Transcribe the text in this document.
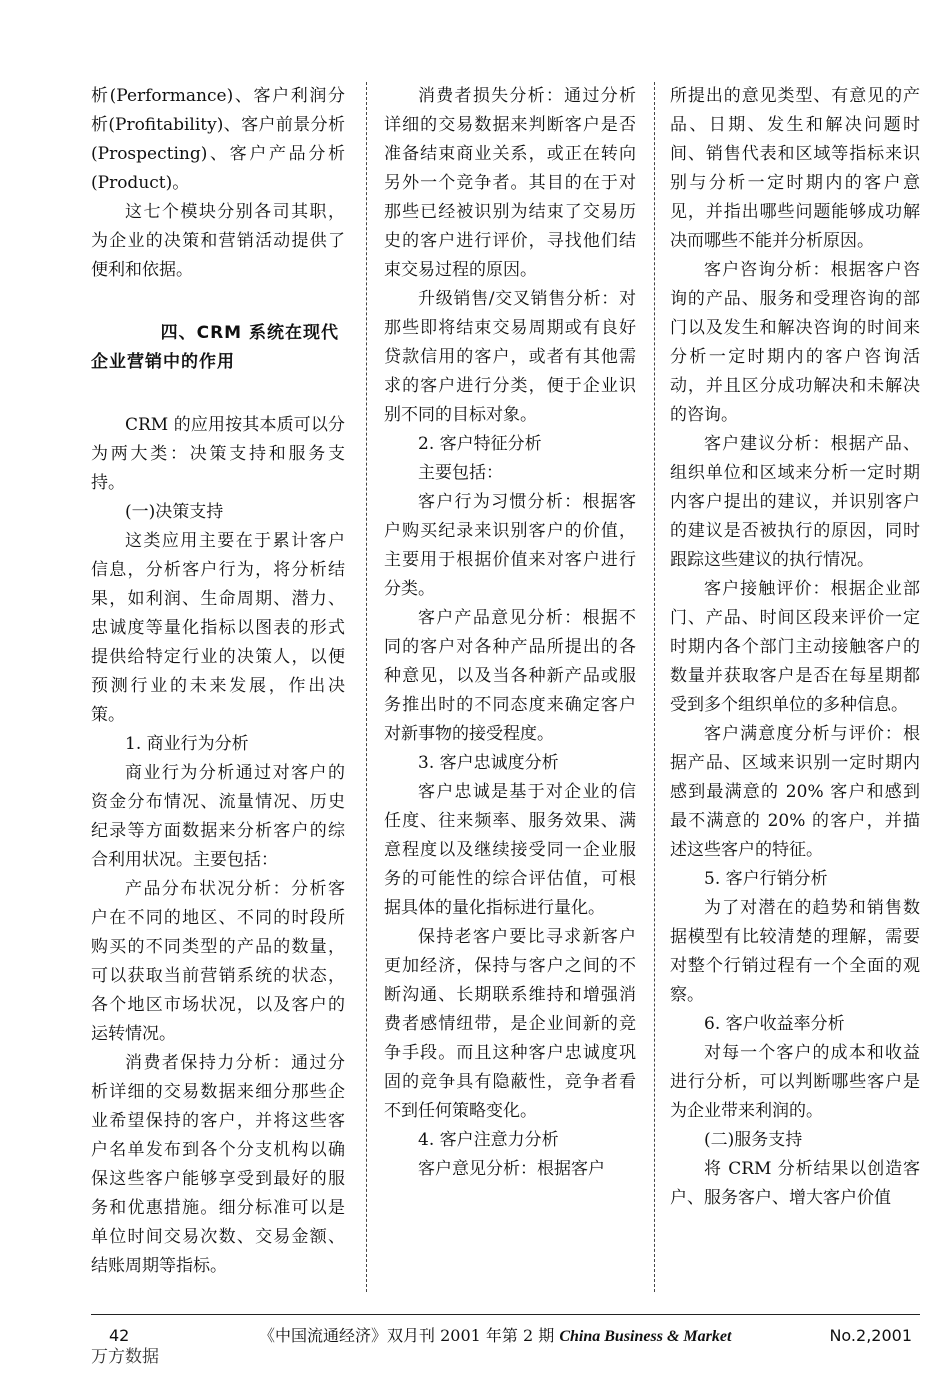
析(Performance)、客户利润分析(Profitability)、客户前景分析(Prospecting)、客户产品分析(Product)。

这七个模块分别各司其职，为企业的决策和营销活动提供了便利和依据。

四、CRM 系统在现代
企业营销中的作用

CRM 的应用按其本质可以分为两大类：决策支持和服务支持。

(一)决策支持

这类应用主要在于累计客户信息，分析客户行为，将分析结果，如利润、生命周期、潜力、忠诚度等量化指标以图表的形式提供给特定行业的决策人，以便预测行业的未来发展，作出决策。

1. 商业行为分析

商业行为分析通过对客户的资金分布情况、流量情况、历史纪录等方面数据来分析客户的综合利用状况。主要包括：

产品分布状况分析：分析客户在不同的地区、不同的时段所购买的不同类型的产品的数量，可以获取当前营销系统的状态，各个地区市场状况，以及客户的运转情况。

消费者保持力分析：通过分析详细的交易数据来细分那些企业希望保持的客户，并将这些客户名单发布到各个分支机构以确保这些客户能够享受到最好的服务和优惠措施。细分标准可以是单位时间交易次数、交易金额、结账周期等指标。

消费者损失分析：通过分析详细的交易数据来判断客户是否准备结束商业关系，或正在转向另外一个竞争者。其目的在于对那些已经被识别为结束了交易历史的客户进行评价，寻找他们结束交易过程的原因。

升级销售/交叉销售分析：对那些即将结束交易周期或有良好贷款信用的客户，或者有其他需求的客户进行分类，便于企业识别不同的目标对象。

2. 客户特征分析

主要包括：

客户行为习惯分析：根据客户购买纪录来识别客户的价值，主要用于根据价值来对客户进行分类。

客户产品意见分析：根据不同的客户对各种产品所提出的各种意见，以及当各种新产品或服务推出时的不同态度来确定客户对新事物的接受程度。

3. 客户忠诚度分析

客户忠诚是基于对企业的信任度、往来频率、服务效果、满意程度以及继续接受同一企业服务的可能性的综合评估值，可根据具体的量化指标进行量化。

保持老客户要比寻求新客户更加经济，保持与客户之间的不断沟通、长期联系维持和增强消费者感情纽带，是企业间新的竞争手段。而且这种客户忠诚度巩固的竞争具有隐蔽性，竞争者看不到任何策略变化。

4. 客户注意力分析

客户意见分析：根据客户

所提出的意见类型、有意见的产品、日期、发生和解决问题时间、销售代表和区域等指标来识别与分析一定时期内的客户意见，并指出哪些问题能够成功解决而哪些不能并分析原因。

客户咨询分析：根据客户咨询的产品、服务和受理咨询的部门以及发生和解决咨询的时间来分析一定时期内的客户咨询活动，并且区分成功解决和未解决的咨询。

客户建议分析：根据产品、组织单位和区域来分析一定时期内客户提出的建议，并识别客户的建议是否被执行的原因，同时跟踪这些建议的执行情况。

客户接触评价：根据企业部门、产品、时间区段来评价一定时期内各个部门主动接触客户的数量并获取客户是否在每星期都受到多个组织单位的多种信息。

客户满意度分析与评价：根据产品、区域来识别一定时期内感到最满意的 20% 客户和感到最不满意的 20% 的客户，并描述这些客户的特征。

5. 客户行销分析

为了对潜在的趋势和销售数据模型有比较清楚的理解，需要对整个行销过程有一个全面的观察。

6. 客户收益率分析

对每一个客户的成本和收益进行分析，可以判断哪些客户是为企业带来利润的。

(二)服务支持

将 CRM 分析结果以创造客户、服务客户、增大客户价值

42	《中国流通经济》双月刊 2001 年第 2 期 China Business & Market	No.2,2001
万方数据
